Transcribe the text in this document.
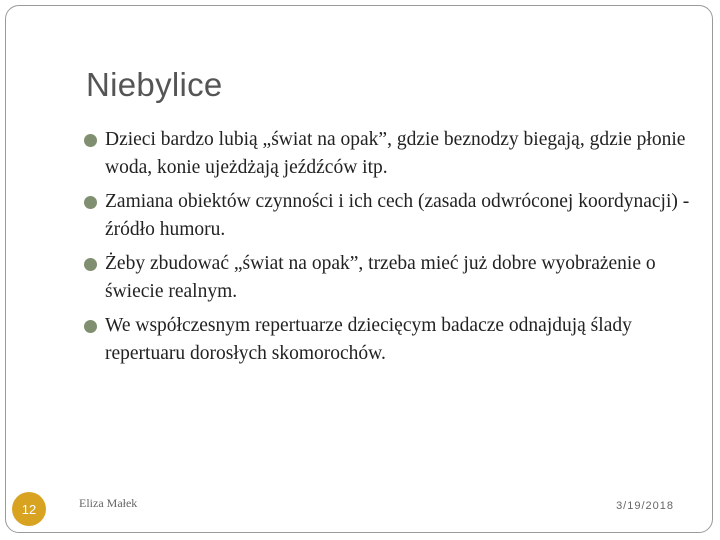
Niebylice
Dzieci bardzo lubią „świat na opak”, gdzie beznodzy biegają, gdzie płonie woda, konie ujeżdżają jeźdźców itp.
Zamiana obiektów czynności i ich cech (zasada odwróconej koordynacji) - źródło humoru.
Żeby zbudować „świat na opak”, trzeba mieć już dobre wyobrażenie o świecie realnym.
We współczesnym repertuarze dziecięcym badacze odnajdują ślady repertuaru dorosłych skomorochów.
12	Eliza Małek	3/19/2018
